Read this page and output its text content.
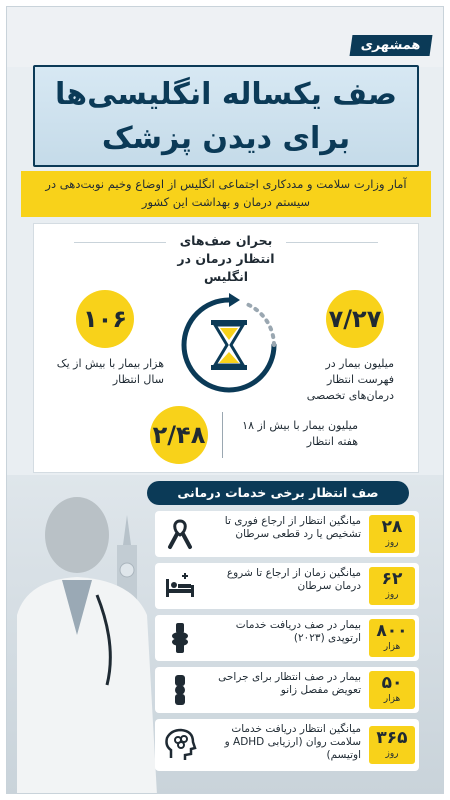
همشهری
صف یکساله انگلیسی‌ها برای دیدن پزشک
آمار وزارت سلامت و مددکاری اجتماعی انگلیس از اوضاع وخیم نوبت‌دهی در سیستم درمان و بهداشت این کشور
بحران صف‌های انتظار درمان در انگلیس
۷/۲۷
میلیون بیمار در فهرست انتظار درمان‌های تخصصی
۱۰۶
هزار بیمار با بیش از یک سال انتظار
۲/۴۸	میلیون بیمار با بیش از ۱۸ هفته انتظار
صف انتظار برخی خدمات درمانی
۲۸
روز
میانگین انتظار از ارجاع فوری تا تشخیص یا رد قطعی سرطان
۶۲
روز
میانگین زمان از ارجاع تا شروع درمان سرطان
۸۰۰
هزار
بیمار در صف دریافت خدمات ارتوپدی (۲۰۲۳)
۵۰
هزار
بیمار در صف انتظار برای جراحی تعویض مفصل زانو
۳۶۵
روز
میانگین انتظار دریافت خدمات سلامت روان (ارزیابی ADHD و اوتیسم)
